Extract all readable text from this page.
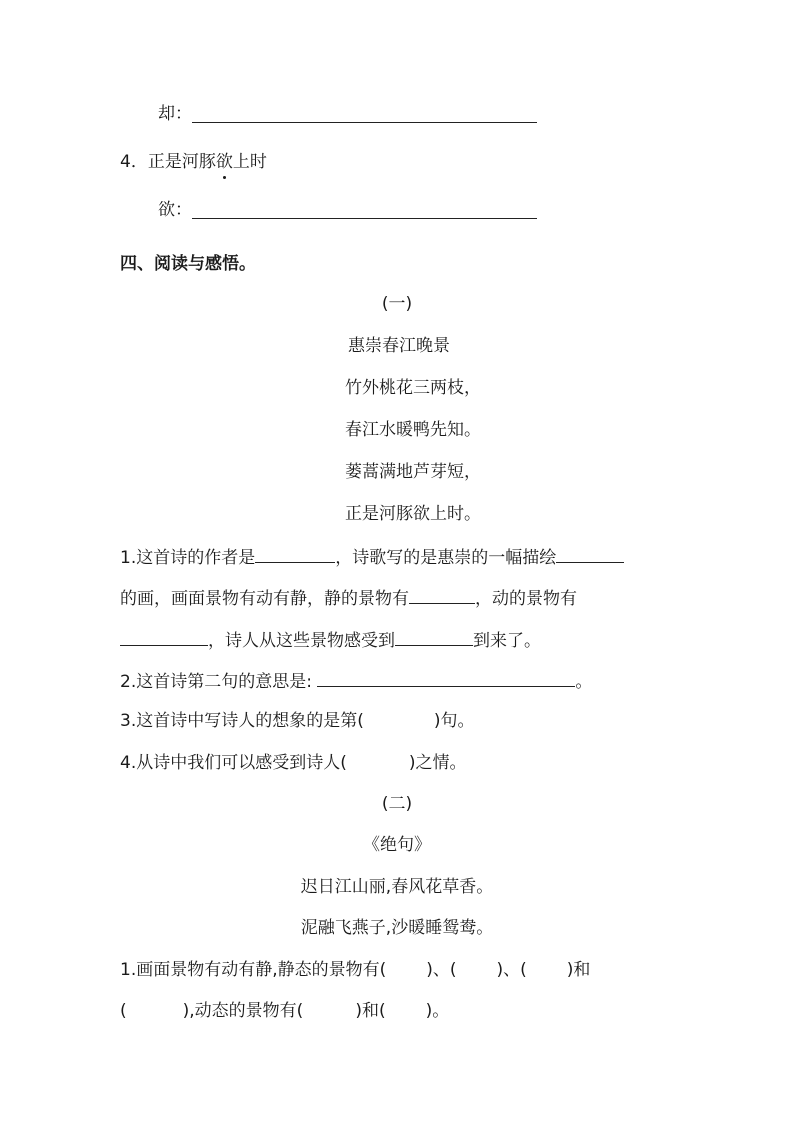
却：
4．正是河豚欲上时
欲：
四、阅读与感悟。
(一)
惠崇春江晚景
竹外桃花三两枝，
春江水暖鸭先知。
蒌蒿满地芦芽短，
正是河豚欲上时。
1.这首诗的作者是	，诗歌写的是惠崇的一幅描绘
的画，画面景物有动有静，静的景物有	，动的景物有
，诗人从这些景物感受到	到来了。
2.这首诗第二句的意思是:	。
3.这首诗中写诗人的想象的是第(	)句。
4.从诗中我们可以感受到诗人(	)之情。
(二)
《绝句》
迟日江山丽,春风花草香。
泥融飞燕子,沙暖睡鸳鸯。
1.画面景物有动有静,静态的景物有( )、( )、( )和
(	),动态的景物有(	)和( )。
